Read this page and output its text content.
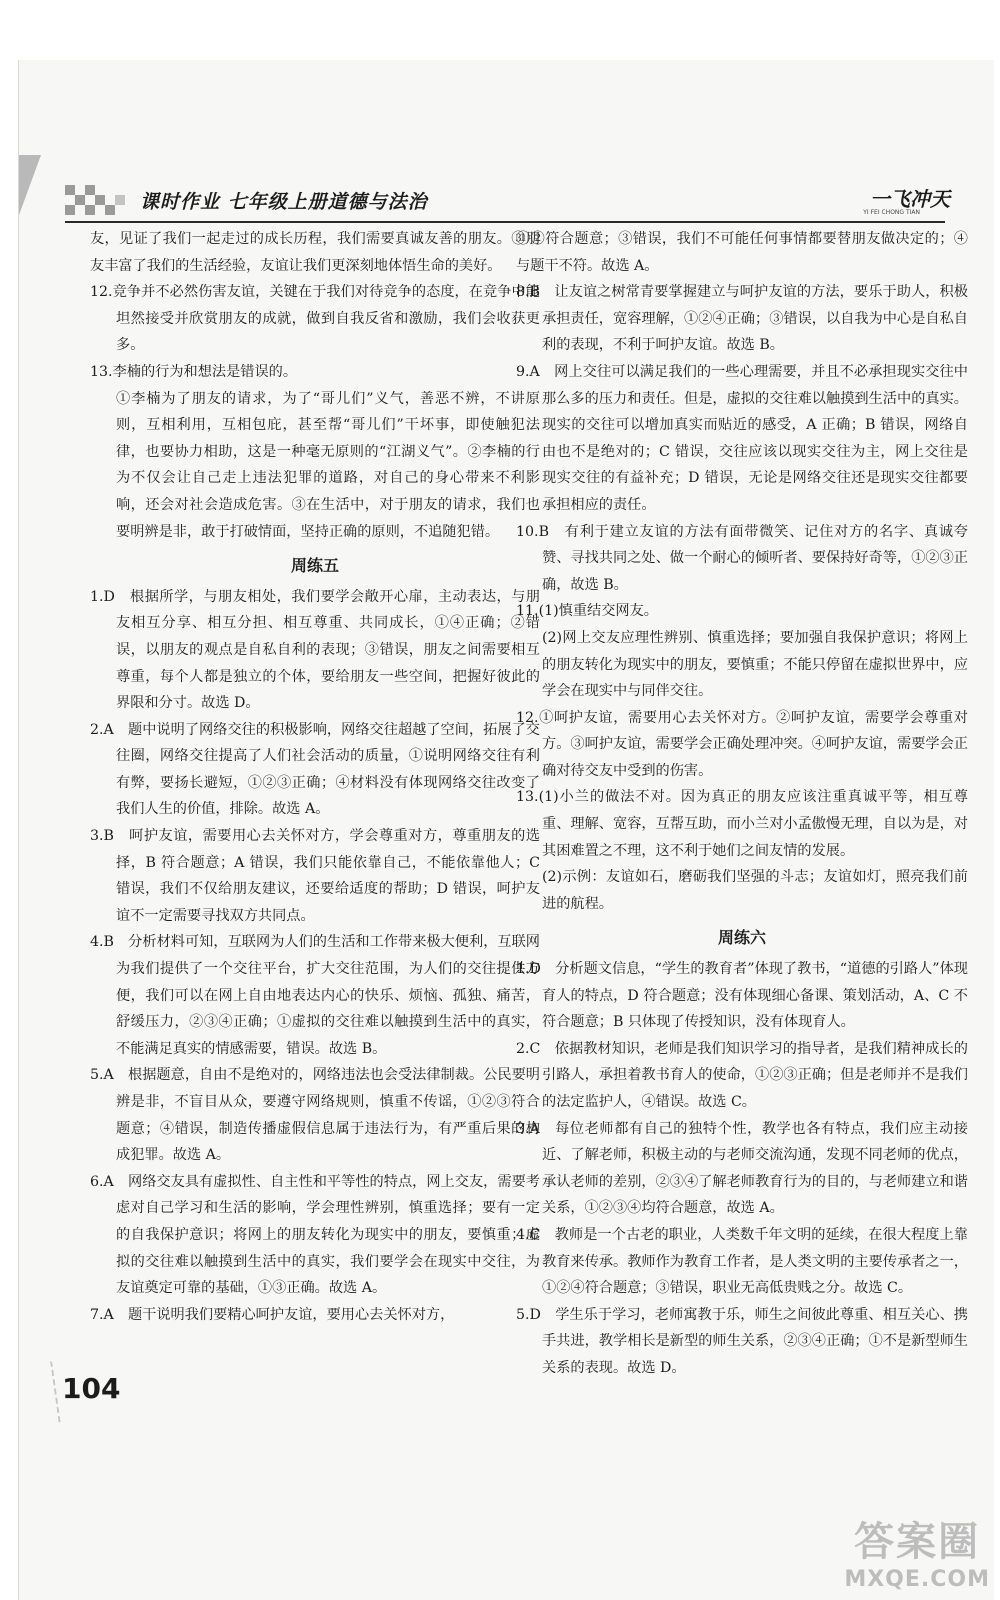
课时作业 七年级上册道德与法治	一飞冲天
YI FEI CHONG TIAN
友，见证了我们一起走过的成长历程，我们需要真诚友善的朋友。③朋友丰富了我们的生活经验，友谊让我们更深刻地体悟生命的美好。
12.竞争并不必然伤害友谊，关键在于我们对待竞争的态度，在竞争中能坦然接受并欣赏朋友的成就，做到自我反省和激励，我们会收获更多。
13.李楠的行为和想法是错误的。
①李楠为了朋友的请求，为了“哥儿们”义气，善恶不辨，不讲原则，互相利用，互相包庇，甚至帮“哥儿们”干坏事，即使触犯法律，也要协力相助，这是一种毫无原则的“江湖义气”。②李楠的行为不仅会让自己走上违法犯罪的道路，对自己的身心带来不利影响，还会对社会造成危害。③在生活中，对于朋友的请求，我们也要明辨是非，敢于打破情面，坚持正确的原则，不追随犯错。
周练五
1.D　根据所学，与朋友相处，我们要学会敞开心扉，主动表达，与朋友相互分享、相互分担、相互尊重、共同成长，①④正确；②错误，以朋友的观点是自私自利的表现；③错误，朋友之间需要相互尊重，每个人都是独立的个体，要给朋友一些空间，把握好彼此的界限和分寸。故选 D。
2.A　题中说明了网络交往的积极影响，网络交往超越了空间，拓展了交往圈，网络交往提高了人们社会活动的质量，①说明网络交往有利有弊，要扬长避短，①②③正确；④材料没有体现网络交往改变了我们人生的价值，排除。故选 A。
3.B　呵护友谊，需要用心去关怀对方，学会尊重对方，尊重朋友的选择，B 符合题意；A 错误，我们只能依靠自己，不能依靠他人；C 错误，我们不仅给朋友建议，还要给适度的帮助；D 错误，呵护友谊不一定需要寻找双方共同点。
4.B　分析材料可知，互联网为人们的生活和工作带来极大便利，互联网为我们提供了一个交往平台，扩大交往范围，为人们的交往提供方便，我们可以在网上自由地表达内心的快乐、烦恼、孤独、痛苦，舒缓压力，②③④正确；①虚拟的交往难以触摸到生活中的真实，不能满足真实的情感需要，错误。故选 B。
5.A　根据题意，自由不是绝对的，网络违法也会受法律制裁。公民要明辨是非，不盲目从众，要遵守网络规则，慎重不传谣，①②③符合题意；④错误，制造传播虚假信息属于违法行为，有严重后果的构成犯罪。故选 A。
6.A　网络交友具有虚拟性、自主性和平等性的特点，网上交友，需要考虑对自己学习和生活的影响，学会理性辨别，慎重选择；要有一定的自我保护意识；将网上的朋友转化为现实中的朋友，要慎重；虚拟的交往难以触摸到生活中的真实，我们要学会在现实中交往，为友谊奠定可靠的基础，①③正确。故选 A。
7.A　题干说明我们要精心呵护友谊，要用心去关怀对方，
①②符合题意；③错误，我们不可能任何事情都要替朋友做决定的；④与题干不符。故选 A。
8.B　让友谊之树常青要掌握建立与呵护友谊的方法，要乐于助人，积极承担责任，宽容理解，①②④正确；③错误，以自我为中心是自私自利的表现，不利于呵护友谊。故选 B。
9.A　网上交往可以满足我们的一些心理需要，并且不必承担现实交往中那么多的压力和责任。但是，虚拟的交往难以触摸到生活中的真实。现实的交往可以增加真实而贴近的感受，A 正确；B 错误，网络自由也不是绝对的；C 错误，交往应该以现实交往为主，网上交往是现实交往的有益补充；D 错误，无论是网络交往还是现实交往都要承担相应的责任。
10.B　有利于建立友谊的方法有面带微笑、记住对方的名字、真诚夸赞、寻找共同之处、做一个耐心的倾听者、要保持好奇等，①②③正确，故选 B。
11.(1)慎重结交网友。
(2)网上交友应理性辨别、慎重选择；要加强自我保护意识；将网上的朋友转化为现实中的朋友，要慎重；不能只停留在虚拟世界中，应学会在现实中与同伴交往。
12.①呵护友谊，需要用心去关怀对方。②呵护友谊，需要学会尊重对方。③呵护友谊，需要学会正确处理冲突。④呵护友谊，需要学会正确对待交友中受到的伤害。
13.(1)小兰的做法不对。因为真正的朋友应该注重真诚平等，相互尊重、理解、宽容，互帮互助，而小兰对小孟傲慢无理，自以为是，对其困难置之不理，这不利于她们之间友情的发展。
(2)示例：友谊如石，磨砺我们坚强的斗志；友谊如灯，照亮我们前进的航程。
周练六
1.D　分析题文信息，“学生的教育者”体现了教书，“道德的引路人”体现育人的特点，D 符合题意；没有体现细心备课、策划活动，A、C 不符合题意；B 只体现了传授知识，没有体现育人。
2.C　依据教材知识，老师是我们知识学习的指导者，是我们精神成长的引路人，承担着教书育人的使命，①②③正确；但是老师并不是我们的法定监护人，④错误。故选 C。
3.A　每位老师都有自己的独特个性，教学也各有特点，我们应主动接近、了解老师，积极主动的与老师交流沟通，发现不同老师的优点，承认老师的差别，②③④了解老师教育行为的目的，与老师建立和谐关系，①②③④均符合题意，故选 A。
4.C　教师是一个古老的职业，人类数千年文明的延续，在很大程度上靠教育来传承。教师作为教育工作者，是人类文明的主要传承者之一，①②④符合题意；③错误，职业无高低贵贱之分。故选 C。
5.D　学生乐于学习，老师寓教于乐，师生之间彼此尊重、相互关心、携手共进，教学相长是新型的师生关系，②③④正确；①不是新型师生关系的表现。故选 D。
104
答案圈
MXQE.COM
